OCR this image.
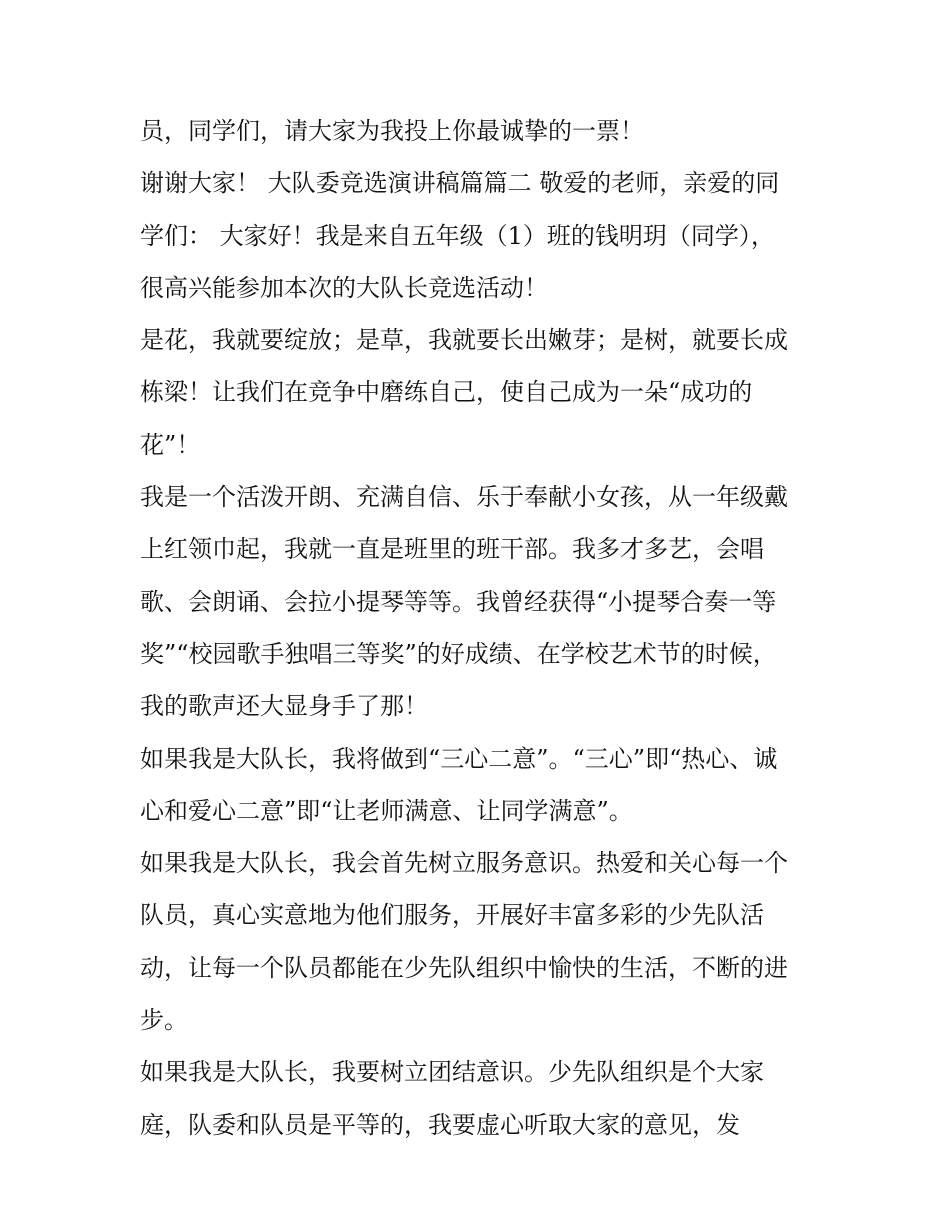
员，同学们，请大家为我投上你最诚挚的一票！
谢谢大家！ 大队委竞选演讲稿篇篇二 敬爱的老师，亲爱的同
学们： 大家好！我是来自五年级（1）班的钱明玥（同学），
很高兴能参加本次的大队长竞选活动！
是花，我就要绽放；是草，我就要长出嫩芽；是树，就要长成
栋梁！让我们在竞争中磨练自己，使自己成为一朵“成功的
花”！
我是一个活泼开朗、充满自信、乐于奉献小女孩，从一年级戴
上红领巾起，我就一直是班里的班干部。我多才多艺，会唱
歌、会朗诵、会拉小提琴等等。我曾经获得“小提琴合奏一等
奖”“校园歌手独唱三等奖”的好成绩、在学校艺术节的时候，
我的歌声还大显身手了那！
如果我是大队长，我将做到“三心二意”。“三心”即“热心、诚
心和爱心二意”即“让老师满意、让同学满意”。
如果我是大队长，我会首先树立服务意识。热爱和关心每一个
队员，真心实意地为他们服务，开展好丰富多彩的少先队活
动，让每一个队员都能在少先队组织中愉快的生活，不断的进
步。
如果我是大队长，我要树立团结意识。少先队组织是个大家
庭，队委和队员是平等的，我要虚心听取大家的意见，发
